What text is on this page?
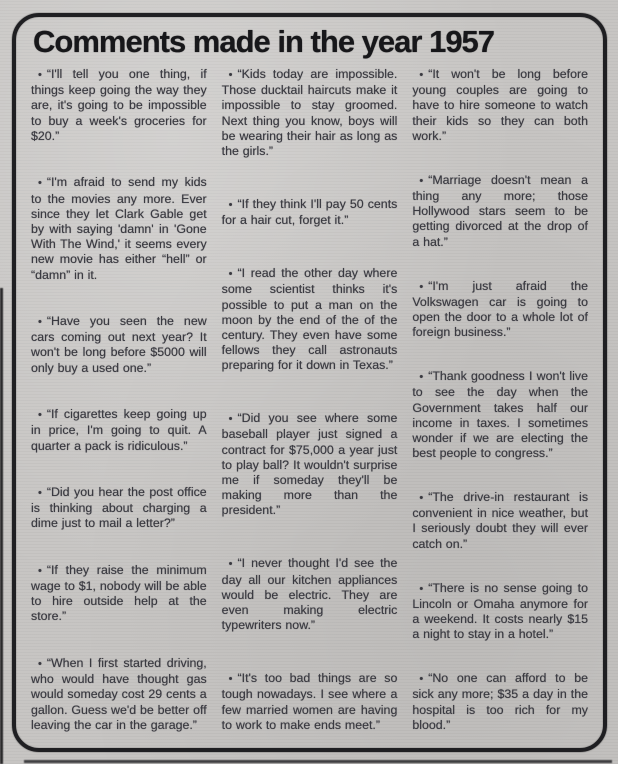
Comments made in the year 1957

• “I'll tell you one thing, if things keep going the way they are, it's going to be impossible to buy a week's groceries for $20.”

• “I'm afraid to send my kids to the movies any more. Ever since they let Clark Gable get by with saying 'damn' in 'Gone With The Wind,' it seems every new movie has either “hell” or “damn” in it.

• “Have you seen the new cars coming out next year? It won't be long before $5000 will only buy a used one.”

• “If cigarettes keep going up in price, I'm going to quit. A quarter a pack is ridiculous.”

• “Did you hear the post office is thinking about charging a dime just to mail a letter?”

• “If they raise the minimum wage to $1, nobody will be able to hire outside help at the store.”

• “When I first started driving, who would have thought gas would someday cost 29 cents a gallon. Guess we'd be better off leaving the car in the garage.”

• “Kids today are impossible. Those ducktail haircuts make it impossible to stay groomed. Next thing you know, boys will be wearing their hair as long as the girls.”

• “If they think I'll pay 50 cents for a hair cut, forget it.”

• “I read the other day where some scientist thinks it's possible to put a man on the moon by the end of the of the century. They even have some fellows they call astronauts preparing for it down in Texas.”

• “Did you see where some baseball player just signed a contract for $75,000 a year just to play ball? It wouldn't surprise me if someday they'll be making more than the president.”

• “I never thought I'd see the day all our kitchen appliances would be electric. They are even making electric typewriters now.”

• “It's too bad things are so tough nowadays. I see where a few married women are having to work to make ends meet.”

• “It won't be long before young couples are going to have to hire someone to watch their kids so they can both work.”

• “Marriage doesn't mean a thing any more; those Hollywood stars seem to be getting divorced at the drop of a hat.”

• “I'm just afraid the Volkswagen car is going to open the door to a whole lot of foreign business.”

• “Thank goodness I won't live to see the day when the Government takes half our income in taxes. I sometimes wonder if we are electing the best people to congress.”

• “The drive-in restaurant is convenient in nice weather, but I seriously doubt they will ever catch on.”

• “There is no sense going to Lincoln or Omaha anymore for a weekend. It costs nearly $15 a night to stay in a hotel.”

• “No one can afford to be sick any more; $35 a day in the hospital is too rich for my blood.”
